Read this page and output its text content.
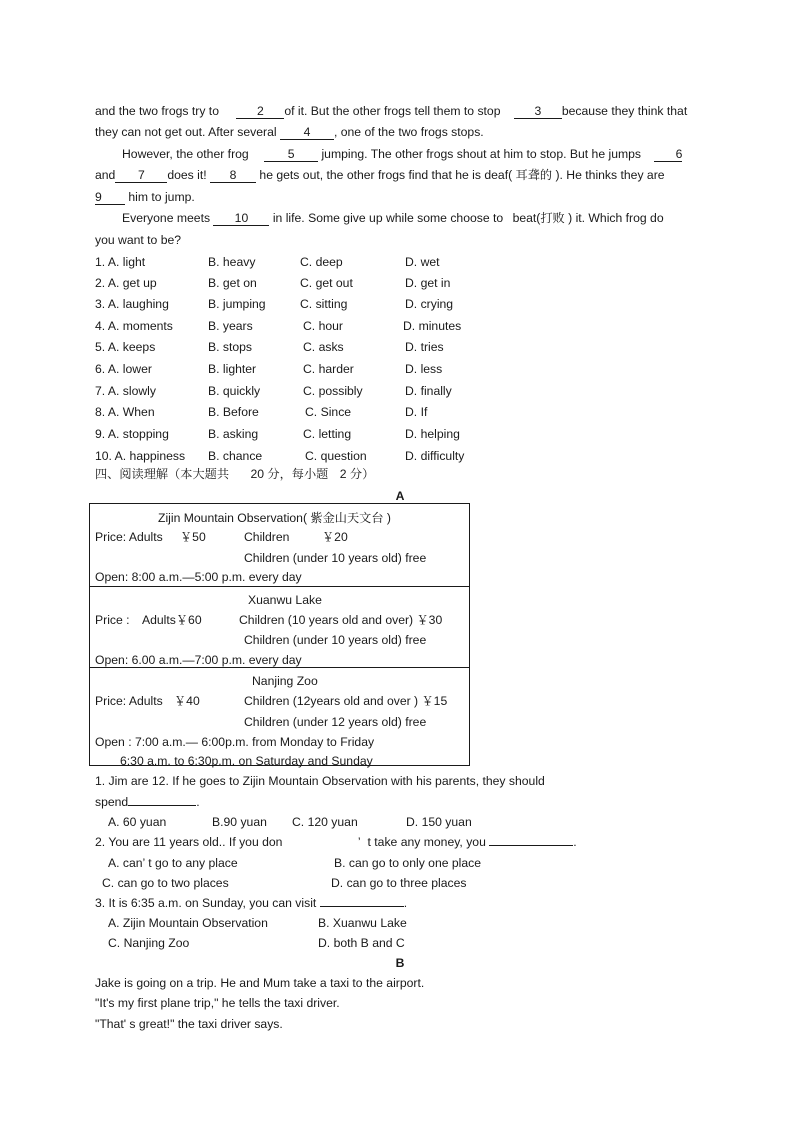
and the two frogs try to	2 of it. But the other frogs tell them to stop	3 because they think that
they can not get out. After several 4 , one of the two frogs stops.
However, the other frog	5 jumping. The other frogs shout at him to stop. But he jumps	6
and 7 does it! 8 he gets out, the other frogs find that he is deaf( 耳聋的 ). He thinks they are
9 him to jump.
Everyone meets 10 in life. Some give up while some choose to beat(打败 ) it. Which frog do
you want to be?
1. A. light	B. heavy	C. deep	D. wet
2. A. get up	B. get on	C. get out	D. get in
3. A. laughing	B. jumping	C. sitting	D. crying
4. A. moments	B. years	C. hour	D. minutes
5. A. keeps	B. stops	C. asks	D. tries
6. A. lower	B. lighter	C. harder	D. less
7. A. slowly	B. quickly	C. possibly	D. finally
8. A. When	B. Before	C. Since	D. If
9. A. stopping	B. asking	C. letting	D. helping
10. A. happiness B. chance	C. question	D. difficulty
四、阅读理解（本大题共 20 分，每小题 2 分）
A
Zijin Mountain Observation( 紫金山天文台 )
Price: Adults ￥50	Children	￥20
Children (under 10 years old) free
Open: 8:00 a.m.—5:00 p.m. every day
Xuanwu Lake
Price : Adults￥60	Children (10 years old and over) ￥30
Children (under 10 years old) free
Open: 6.00 a.m.—7:00 p.m. every day
Nanjing Zoo
Price: Adults ￥40	Children (12years old and over ) ￥15
Children (under 12 years old) free
Open : 7:00 a.m.— 6:00p.m. from Monday to Friday
6:30 a.m. to 6:30p.m. on Saturday and Sunday
1. Jim are 12. If he goes to Zijin Mountain Observation with his parents, they should
spend	.
A. 60 yuan	B.90 yuan C. 120 yuan	D. 150 yuan
2. You are 11 years old.. If you don	’ t take any money, you	.
A. can’ t go to any place	B. can go to only one place
C. can go to two places	D. can go to three places
3. It is 6:35 a.m. on Sunday, you can visit	.
A. Zijin Mountain Observation	B. Xuanwu Lake
C. Nanjing Zoo	D. both B and C
B
Jake is going on a trip. He and Mum take a taxi to the airport.
"It's my first plane trip," he tells the taxi driver.
"That' s great!" the taxi driver says.
